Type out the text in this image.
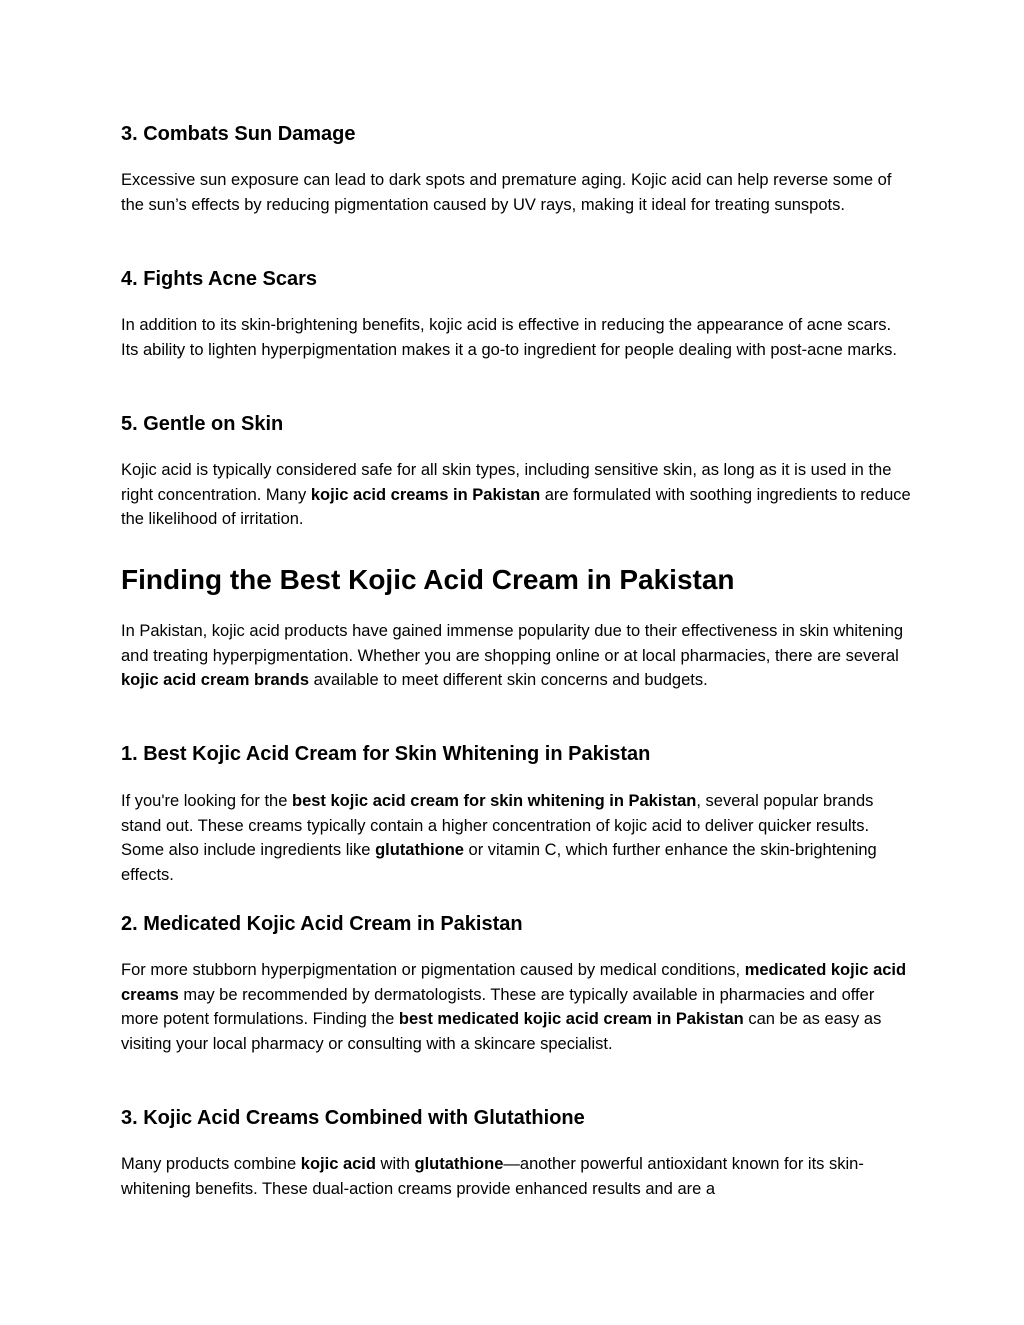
3. Combats Sun Damage

Excessive sun exposure can lead to dark spots and premature aging. Kojic acid can help reverse some of the sun’s effects by reducing pigmentation caused by UV rays, making it ideal for treating sunspots.

4. Fights Acne Scars

In addition to its skin-brightening benefits, kojic acid is effective in reducing the appearance of acne scars. Its ability to lighten hyperpigmentation makes it a go-to ingredient for people dealing with post-acne marks.

5. Gentle on Skin

Kojic acid is typically considered safe for all skin types, including sensitive skin, as long as it is used in the right concentration. Many kojic acid creams in Pakistan are formulated with soothing ingredients to reduce the likelihood of irritation.

Finding the Best Kojic Acid Cream in Pakistan

In Pakistan, kojic acid products have gained immense popularity due to their effectiveness in skin whitening and treating hyperpigmentation. Whether you are shopping online or at local pharmacies, there are several kojic acid cream brands available to meet different skin concerns and budgets.

1. Best Kojic Acid Cream for Skin Whitening in Pakistan

If you're looking for the best kojic acid cream for skin whitening in Pakistan, several popular brands stand out. These creams typically contain a higher concentration of kojic acid to deliver quicker results. Some also include ingredients like glutathione or vitamin C, which further enhance the skin-brightening effects.

2. Medicated Kojic Acid Cream in Pakistan

For more stubborn hyperpigmentation or pigmentation caused by medical conditions, medicated kojic acid creams may be recommended by dermatologists. These are typically available in pharmacies and offer more potent formulations. Finding the best medicated kojic acid cream in Pakistan can be as easy as visiting your local pharmacy or consulting with a skincare specialist.

3. Kojic Acid Creams Combined with Glutathione

Many products combine kojic acid with glutathione—another powerful antioxidant known for its skin-whitening benefits. These dual-action creams provide enhanced results and are a
